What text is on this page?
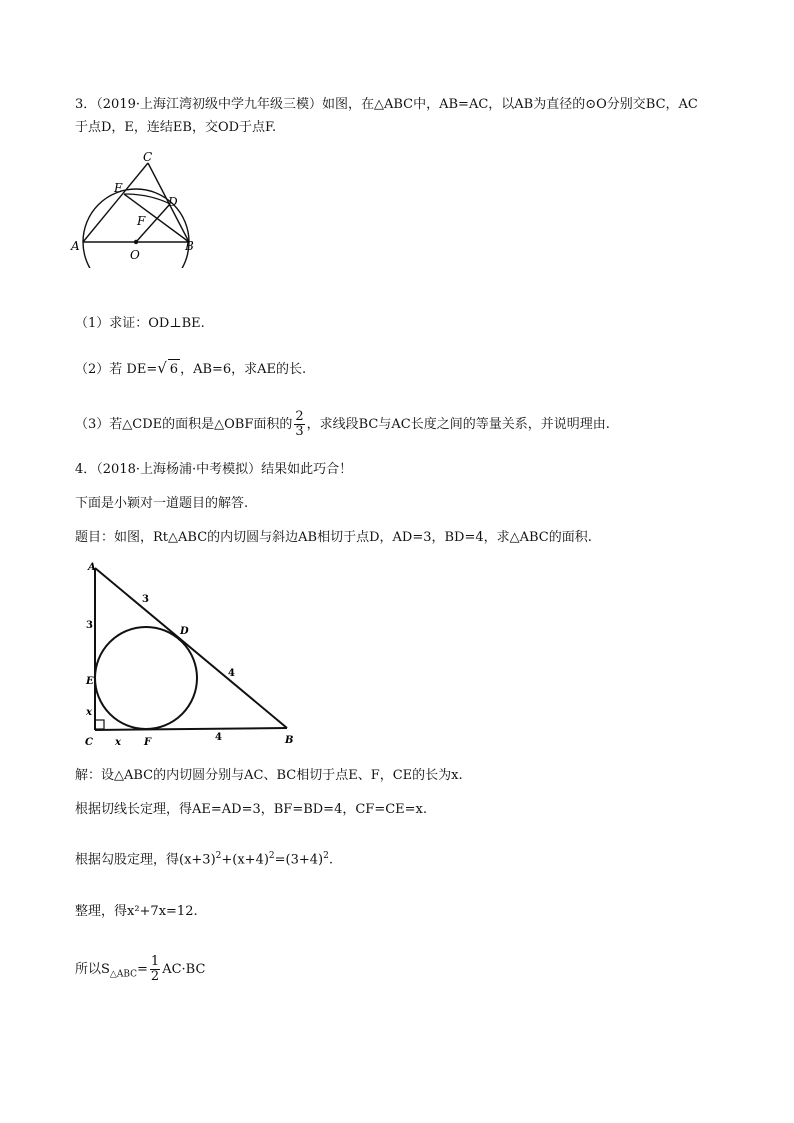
3．（2019·上海江湾初级中学九年级三模）如图，在△ABC中，AB=AC，以AB为直径的⊙O分别交BC，AC
于点D，E，连结EB，交OD于点F.
C
E
D
F
A
O
B
（1）求证：OD⊥BE.
（2）若 DE=√ 6 ，AB=6，求AE的长.
（3）若△CDE的面积是△OBF面积的 $\frac{2}{3}$ ，求线段BC与AC长度之间的等量关系，并说明理由.
4．（2018·上海杨浦·中考模拟）结果如此巧合！
下面是小颖对一道题目的解答.
题目：如图，Rt△ABC的内切圆与斜边AB相切于点D，AD=3，BD=4，求△ABC的面积.
A
3
D
3
4
E
x
C x F	4	B
解：设△ABC的内切圆分别与AC、BC相切于点E、F，CE的长为x.
根据切线长定理，得AE=AD=3，BF=BD=4，CF=CE=x.
根据勾股定理，得$(x+3)^2+(x+4)^2=(3+4)^2$.
整理，得x²+7x=12.
所以$S_{\triangle ABC}= \frac{1}{2} AC\cdot BC$
